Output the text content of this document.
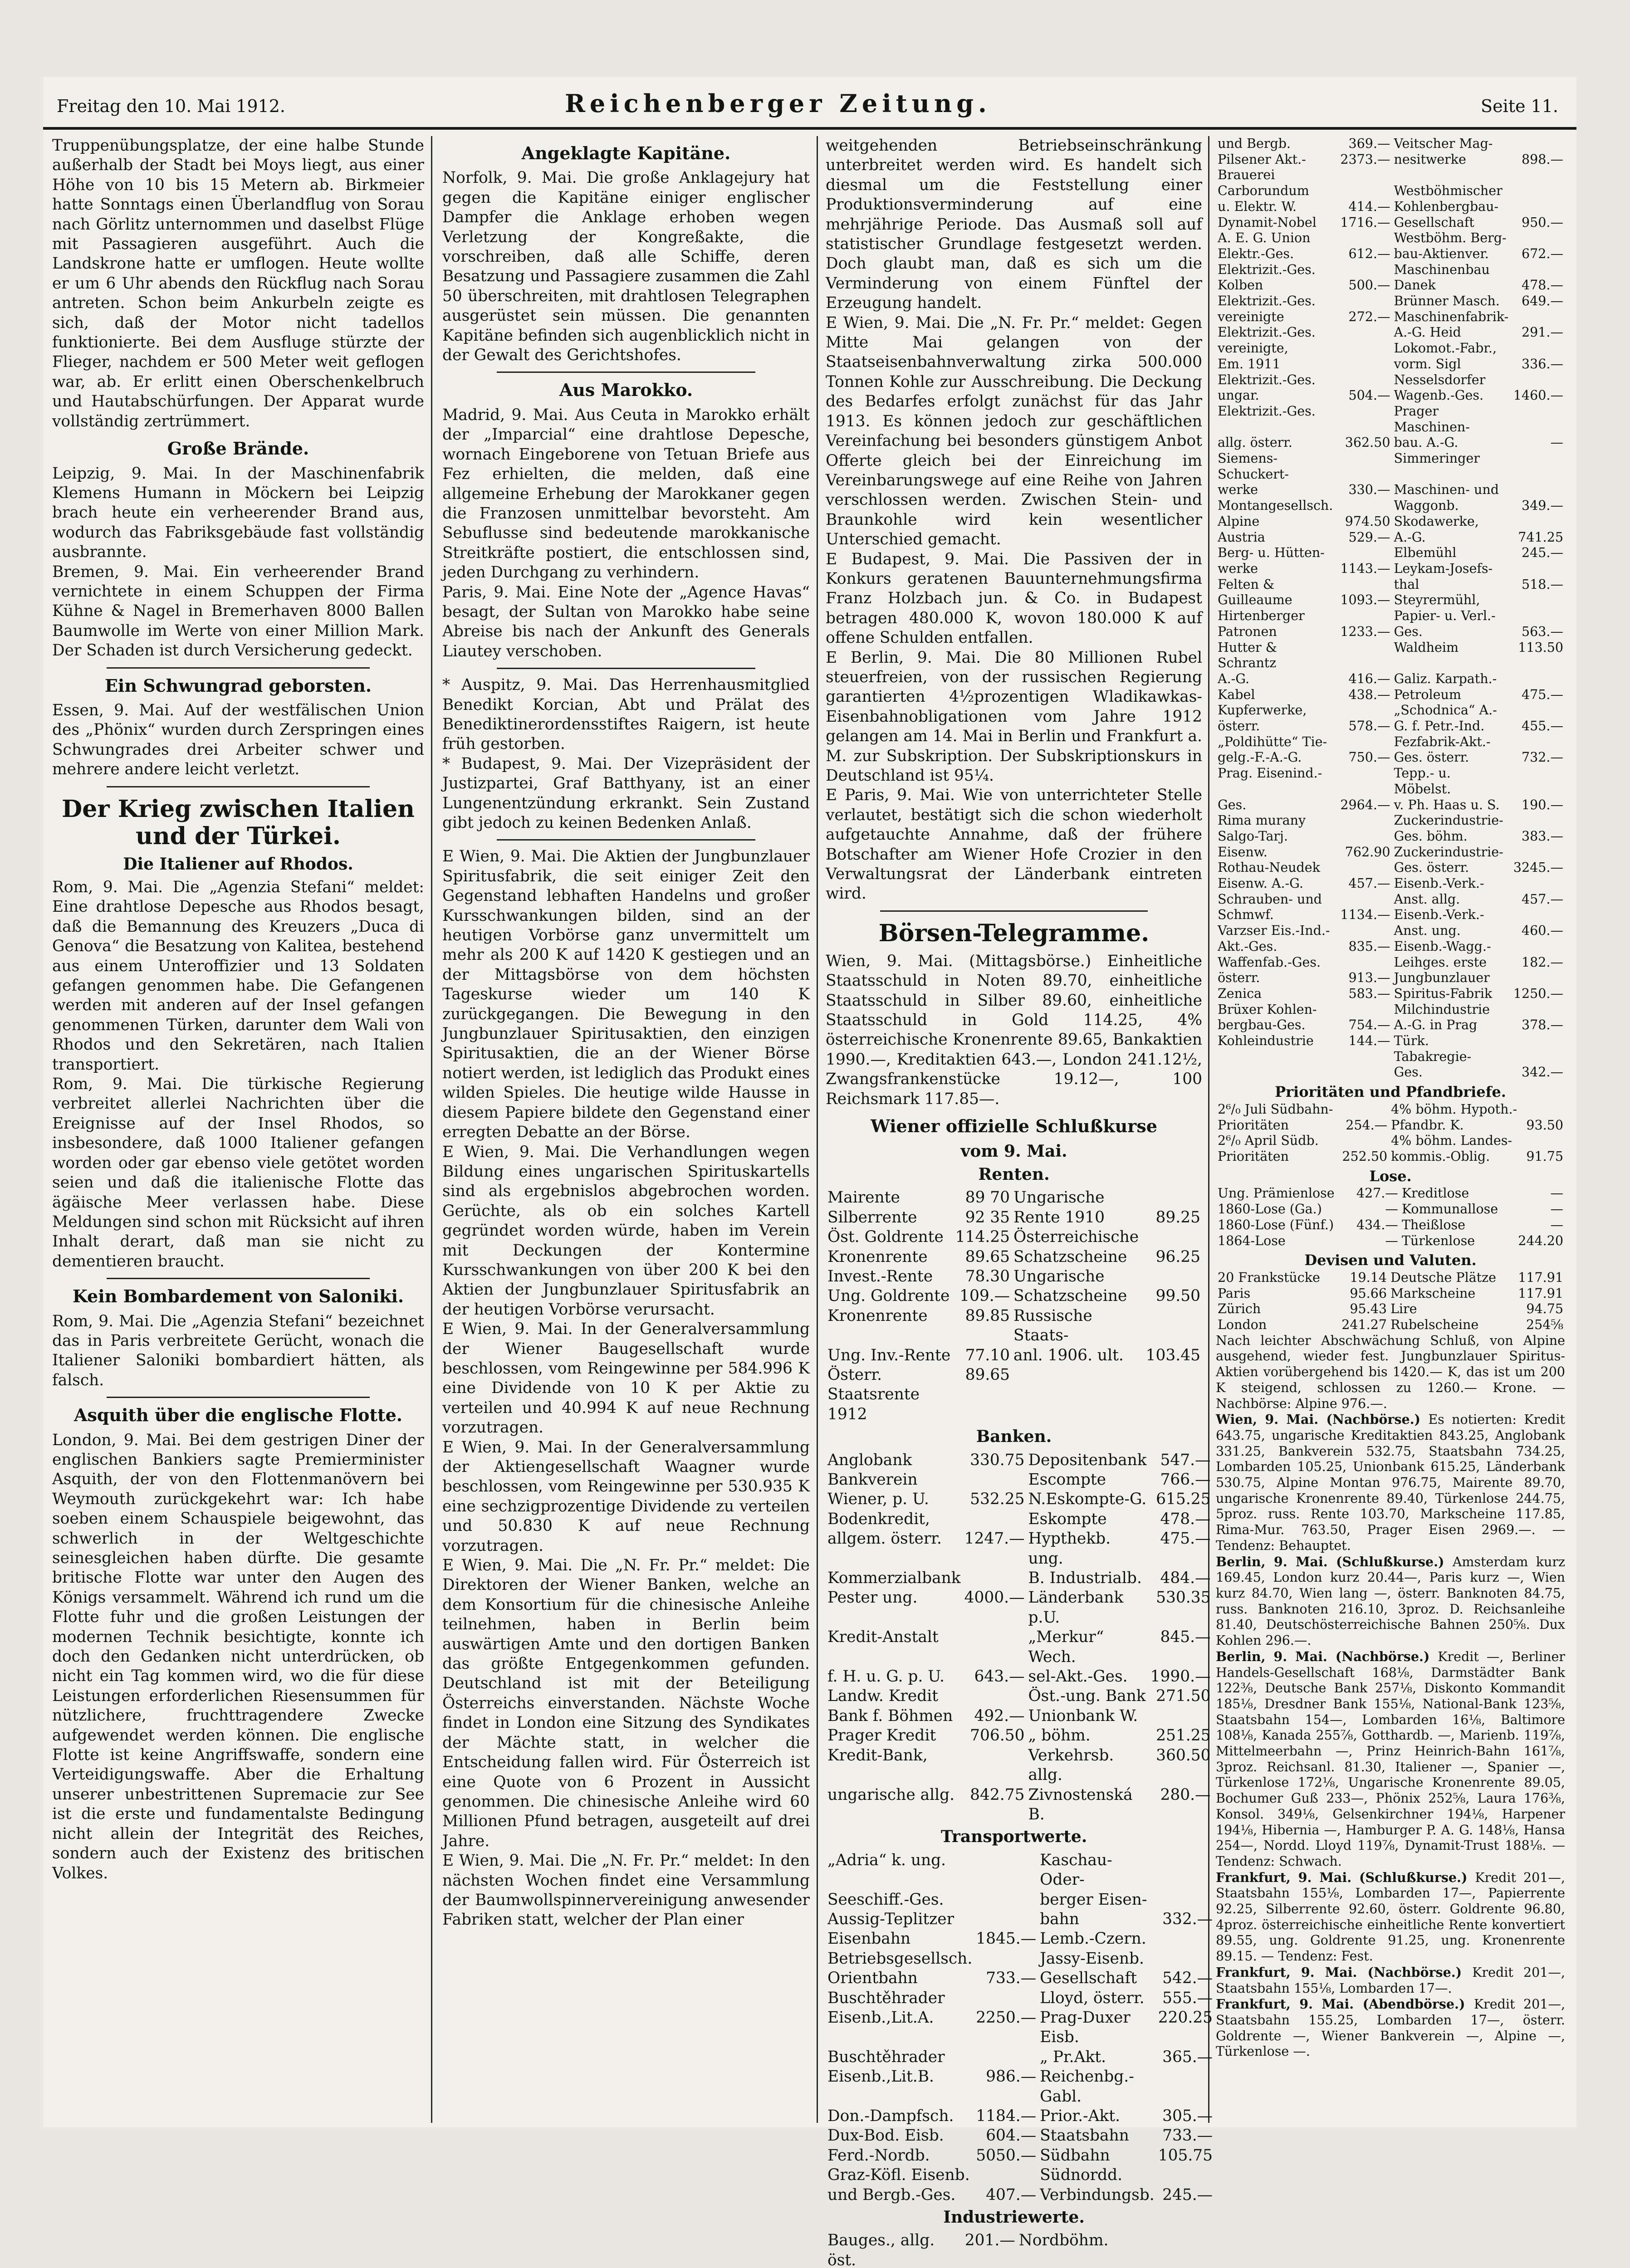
Freitag den 10. Mai 1912.	Reichenberger Zeitung.	Seite 11.
Truppenübungsplatze, der eine halbe Stunde außerhalb der Stadt bei Moys liegt, aus einer Höhe von 10 bis 15 Metern ab. Birkmeier hatte Sonntags einen Überlandflug von Sorau nach Görlitz unternommen und daselbst Flüge mit Passagieren ausgeführt. Auch die Landskrone hatte er umflogen. Heute wollte er um 6 Uhr abends den Rückflug nach Sorau antreten. Schon beim Ankurbeln zeigte es sich, daß der Motor nicht tadellos funktionierte. Bei dem Ausfluge stürzte der Flieger, nachdem er 500 Meter weit geflogen war, ab. Er erlitt einen Oberschenkelbruch und Hautabschürfungen. Der Apparat wurde vollständig zertrümmert.
Große Brände.
Leipzig, 9. Mai. In der Maschinenfabrik Klemens Humann in Möckern bei Leipzig brach heute ein verheerender Brand aus, wodurch das Fabriksgebäude fast vollständig ausbrannte.
Bremen, 9. Mai. Ein verheerender Brand vernichtete in einem Schuppen der Firma Kühne & Nagel in Bremerhaven 8000 Ballen Baumwolle im Werte von einer Million Mark. Der Schaden ist durch Versicherung gedeckt.
Ein Schwungrad geborsten.
Essen, 9. Mai. Auf der westfälischen Union des „Phönix“ wurden durch Zerspringen eines Schwungrades drei Arbeiter schwer und mehrere andere leicht verletzt.
Der Krieg zwischen Italien und der Türkei.
Die Italiener auf Rhodos.
Rom, 9. Mai. Die „Agenzia Stefani“ meldet: Eine drahtlose Depesche aus Rhodos besagt, daß die Bemannung des Kreuzers „Duca di Genova“ die Besatzung von Kalitea, bestehend aus einem Unteroffizier und 13 Soldaten gefangen genommen habe. Die Gefangenen werden mit anderen auf der Insel gefangen genommenen Türken, darunter dem Wali von Rhodos und den Sekretären, nach Italien transportiert.
Rom, 9. Mai. Die türkische Regierung verbreitet allerlei Nachrichten über die Ereignisse auf der Insel Rhodos, so insbesondere, daß 1000 Italiener gefangen worden oder gar ebenso viele getötet worden seien und daß die italienische Flotte das ägäische Meer verlassen habe. Diese Meldungen sind schon mit Rücksicht auf ihren Inhalt derart, daß man sie nicht zu dementieren braucht.
Kein Bombardement von Saloniki.
Rom, 9. Mai. Die „Agenzia Stefani“ bezeichnet das in Paris verbreitete Gerücht, wonach die Italiener Saloniki bombardiert hätten, als falsch.
Asquith über die englische Flotte.
London, 9. Mai. Bei dem gestrigen Diner der englischen Bankiers sagte Premierminister Asquith, der von den Flottenmanövern bei Weymouth zurückgekehrt war: Ich habe soeben einem Schauspiele beigewohnt, das schwerlich in der Weltgeschichte seinesgleichen haben dürfte. Die gesamte britische Flotte war unter den Augen des Königs versammelt. Während ich rund um die Flotte fuhr und die großen Leistungen der modernen Technik besichtigte, konnte ich doch den Gedanken nicht unterdrücken, ob nicht ein Tag kommen wird, wo die für diese Leistungen erforderlichen Riesensummen für nützlichere, fruchttragendere Zwecke aufgewendet werden können. Die englische Flotte ist keine Angriffswaffe, sondern eine Verteidigungswaffe. Aber die Erhaltung unserer unbestrittenen Supremacie zur See ist die erste und fundamentalste Bedingung nicht allein der Integrität des Reiches, sondern auch der Existenz des britischen Volkes.
Angeklagte Kapitäne.
Norfolk, 9. Mai. Die große Anklagejury hat gegen die Kapitäne einiger englischer Dampfer die Anklage erhoben wegen Verletzung der Kongreßakte, die vorschreiben, daß alle Schiffe, deren Besatzung und Passagiere zusammen die Zahl 50 überschreiten, mit drahtlosen Telegraphen ausgerüstet sein müssen. Die genannten Kapitäne befinden sich augenblicklich nicht in der Gewalt des Gerichtshofes.
Aus Marokko.
Madrid, 9. Mai. Aus Ceuta in Marokko erhält der „Imparcial“ eine drahtlose Depesche, wornach Eingeborene von Tetuan Briefe aus Fez erhielten, die melden, daß eine allgemeine Erhebung der Marokkaner gegen die Franzosen unmittelbar bevorsteht. Am Sebuflusse sind bedeutende marokkanische Streitkräfte postiert, die entschlossen sind, jeden Durchgang zu verhindern.
Paris, 9. Mai. Eine Note der „Agence Havas“ besagt, der Sultan von Marokko habe seine Abreise bis nach der Ankunft des Generals Liautey verschoben.
* Auspitz, 9. Mai. Das Herrenhausmitglied Benedikt Korcian, Abt und Prälat des Benediktinerordensstiftes Raigern, ist heute früh gestorben.
* Budapest, 9. Mai. Der Vizepräsident der Justizpartei, Graf Batthyany, ist an einer Lungenentzündung erkrankt. Sein Zustand gibt jedoch zu keinen Bedenken Anlaß.
E Wien, 9. Mai. Die Aktien der Jungbunzlauer Spiritusfabrik, die seit einiger Zeit den Gegenstand lebhaften Handelns und großer Kursschwankungen bilden, sind an der heutigen Vorbörse ganz unvermittelt um mehr als 200 K auf 1420 K gestiegen und an der Mittagsbörse von dem höchsten Tageskurse wieder um 140 K zurückgegangen. Die Bewegung in den Jungbunzlauer Spiritusaktien, den einzigen Spiritusaktien, die an der Wiener Börse notiert werden, ist lediglich das Produkt eines wilden Spieles. Die heutige wilde Hausse in diesem Papiere bildete den Gegenstand einer erregten Debatte an der Börse.
E Wien, 9. Mai. Die Verhandlungen wegen Bildung eines ungarischen Spirituskartells sind als ergebnislos abgebrochen worden. Gerüchte, als ob ein solches Kartell gegründet worden würde, haben im Verein mit Deckungen der Kontermine Kursschwankungen von über 200 K bei den Aktien der Jungbunzlauer Spiritusfabrik an der heutigen Vorbörse verursacht.
E Wien, 9. Mai. In der Generalversammlung der Wiener Baugesellschaft wurde beschlossen, vom Reingewinne per 584.996 K eine Dividende von 10 K per Aktie zu verteilen und 40.994 K auf neue Rechnung vorzutragen.
E Wien, 9. Mai. In der Generalversammlung der Aktiengesellschaft Waagner wurde beschlossen, vom Reingewinne per 530.935 K eine sechzigprozentige Dividende zu verteilen und 50.830 K auf neue Rechnung vorzutragen.
E Wien, 9. Mai. Die „N. Fr. Pr.“ meldet: Die Direktoren der Wiener Banken, welche an dem Konsortium für die chinesische Anleihe teilnehmen, haben in Berlin beim auswärtigen Amte und den dortigen Banken das größte Entgegenkommen gefunden. Deutschland ist mit der Beteiligung Österreichs einverstanden. Nächste Woche findet in London eine Sitzung des Syndikates der Mächte statt, in welcher die Entscheidung fallen wird. Für Österreich ist eine Quote von 6 Prozent in Aussicht genommen. Die chinesische Anleihe wird 60 Millionen Pfund betragen, ausgeteilt auf drei Jahre.
E Wien, 9. Mai. Die „N. Fr. Pr.“ meldet: In den nächsten Wochen findet eine Versammlung der Baumwollspinnervereinigung anwesender Fabriken statt, welcher der Plan einer
weitgehenden Betriebseinschränkung unterbreitet werden wird. Es handelt sich diesmal um die Feststellung einer Produktionsverminderung auf eine mehrjährige Periode. Das Ausmaß soll auf statistischer Grundlage festgesetzt werden. Doch glaubt man, daß es sich um die Verminderung von einem Fünftel der Erzeugung handelt.
E Wien, 9. Mai. Die „N. Fr. Pr.“ meldet: Gegen Mitte Mai gelangen von der Staatseisenbahnverwaltung zirka 500.000 Tonnen Kohle zur Ausschreibung. Die Deckung des Bedarfes erfolgt zunächst für das Jahr 1913. Es können jedoch zur geschäftlichen Vereinfachung bei besonders günstigem Anbot Offerte gleich bei der Einreichung im Vereinbarungswege auf eine Reihe von Jahren verschlossen werden. Zwischen Stein- und Braunkohle wird kein wesentlicher Unterschied gemacht.
E Budapest, 9. Mai. Die Passiven der in Konkurs geratenen Bauunternehmungsfirma Franz Holzbach jun. & Co. in Budapest betragen 480.000 K, wovon 180.000 K auf offene Schulden entfallen.
E Berlin, 9. Mai. Die 80 Millionen Rubel steuerfreien, von der russischen Regierung garantierten 4½prozentigen Wladikawkas-Eisenbahnobligationen vom Jahre 1912 gelangen am 14. Mai in Berlin und Frankfurt a. M. zur Subskription. Der Subskriptionskurs in Deutschland ist 95¼.
E Paris, 9. Mai. Wie von unterrichteter Stelle verlautet, bestätigt sich die schon wiederholt aufgetauchte Annahme, daß der frühere Botschafter am Wiener Hofe Crozier in den Verwaltungsrat der Länderbank eintreten wird.
Börsen-Telegramme.
Wien, 9. Mai. (Mittagsbörse.) Einheitliche Staatsschuld in Noten 89.70, einheitliche Staatsschuld in Silber 89.60, einheitliche Staatsschuld in Gold 114.25, 4% österreichische Kronenrente 89.65, Bankaktien 1990.—, Kreditaktien 643.—, London 241.12½, Zwangsfrankenstücke 19.12—, 100 Reichsmark 117.85—.
Wiener offizielle Schlußkurse
vom 9. Mai.
Renten.
Mairente	89 70	Ungarische	
Silberrente	92 35	Rente 1910	89.25
Öst. Goldrente	114.25	Österreichische	
Kronenrente	89.65	Schatzscheine	96.25
Invest.-Rente	78.30	Ungarische	
Ung. Goldrente	109.—	Schatzscheine	99.50
Kronenrente	89.85	Russische Staats-	
Ung. Inv.-Rente	77.10	anl. 1906. ult.	103.45
Österr. Staatsrente 1912	89.65		
Banken.
Anglobank	330.75	Depositenbank	547.—	
Bankverein		Escompte	766.—	
Wiener, p. U.	532.25	N.Eskompte-G.	615.25	
Bodenkredit,		Eskompte	478.—	
allgem. österr.	1247.—	Hypthekb. ung.	475.—	
Kommerzialbank		B. Industrialb.	484.—	
Pester ung.	4000.—	Länderbank p.U.	530.35	
Kredit-Anstalt		„Merkur“ Wech.	845.—	
f. H. u. G. p. U.	643.—	sel-Akt.-Ges.	1990.—	
Landw. Kredit		Öst.-ung. Bank	271.50	
Bank f. Böhmen	492.—	Unionbank W.		
Prager Kredit	706.50	„ böhm.	251.25	
Kredit-Bank,		Verkehrsb. allg.	360.50	
ungarische allg.	842.75	Zivnostenská B.	280.—	
Transportwerte.
„Adria“ k. ung.		Kaschau-Oder-	
Seeschiff.-Ges.		berger Eisen-	
Aussig-Teplitzer		bahn	332.—
Eisenbahn	1845.—	Lemb.-Czern.	
Betriebsgesellsch.		Jassy-Eisenb.	
Orientbahn	733.—	Gesellschaft	542.—
Buschtěhrader		Lloyd, österr.	555.—
Eisenb.,Lit.A.	2250.—	Prag-Duxer Eisb.	220.25
Buschtěhrader		„ Pr.Akt.	365.—
Eisenb.,Lit.B.	986.—	Reichenbg.-Gabl.	
Don.-Dampfsch.	1184.—	Prior.-Akt.	305.—
Dux-Bod. Eisb.	604.—	Staatsbahn	733.—
Ferd.-Nordb.	5050.—	Südbahn	105.75
Graz-Köfl. Eisenb.		Südnordd.	
und Bergb.-Ges.	407.—	Verbindungsb.	245.—
Industriewerte.
Bauges., allg. öst.	201.—	Nordböhm.	

und Bergb.	369.—	Veitscher Mag-	
Pilsener Akt.-Brauerei	2373.—	nesitwerke	898.—
Carborundum		Westböhmischer	
u. Elektr. W.	414.—	Kohlenbergbau-	
Dynamit-Nobel	1716.—	Gesellschaft	950.—
A. E. G. Union		Westböhm. Berg-	
Elektr.-Ges.	612.—	bau-Aktienver.	672.—
Elektrizit.-Ges.		Maschinenbau	
Kolben	500.—	Danek	478.—
Elektrizit.-Ges.		Brünner Masch.	649.—
vereinigte	272.—	Maschinenfabrik-	
Elektrizit.-Ges.		A.-G. Heid	291.—
vereinigte,		Lokomot.-Fabr.,	
Em. 1911		vorm. Sigl	336.—
Elektrizit.-Ges.		Nesselsdorfer	
ungar.	504.—	Wagenb.-Ges.	1460.—
Elektrizit.-Ges.		Prager Maschinen-	
allg. österr.	362.50	bau. A.-G.	—
Siemens-Schuckert-		Simmeringer	
werke	330.—	Maschinen- und	
Montangesellsch.		Waggonb.	349.—
Alpine	974.50	Skodawerke,	
Austria	529.—	A.-G.	741.25
Berg- u. Hütten-		Elbemühl	245.—
werke	1143.—	Leykam-Josefs-	
Felten &		thal	518.—
Guilleaume	1093.—	Steyrermühl,	
Hirtenberger		Papier- u. Verl.-	
Patronen	1233.—	Ges.	563.—
Hutter & Schrantz		Waldheim	113.50
A.-G.	416.—	Galiz. Karpath.-	
Kabel	438.—	Petroleum	475.—
Kupferwerke,		„Schodnica“ A.-	
österr.	578.—	G. f. Petr.-Ind.	455.—
„Poldihütte“ Tie-		Fezfabrik-Akt.-	
gelg.-F.-A.-G.	750.—	Ges. österr.	732.—
Prag. Eisenind.-		Tepp.- u. Möbelst.	
Ges.	2964.—	v. Ph. Haas u. S.	190.—
Rima murany		Zuckerindustrie-	
Salgo-Tarj.		Ges. böhm.	383.—
Eisenw.	762.90	Zuckerindustrie-	
Rothau-Neudek		Ges. österr.	3245.—
Eisenw. A.-G.	457.—	Eisenb.-Verk.-	
Schrauben- und		Anst. allg.	457.—
Schmwf.	1134.—	Eisenb.-Verk.-	
Varzser Eis.-Ind.-		Anst. ung.	460.—
Akt.-Ges.	835.—	Eisenb.-Wagg.-	
Waffenfab.-Ges.		Leihges. erste	182.—
österr.	913.—	Jungbunzlauer	
Zenica	583.—	Spiritus-Fabrik	1250.—
Brüxer Kohlen-		Milchindustrie	
bergbau-Ges.	754.—	A.-G. in Prag	378.—
Kohleindustrie	144.—	Türk. Tabakregie-	
		Ges.	342.—
Prioritäten und Pfandbriefe.
2⁶/₀ Juli Südbahn-		4% böhm. Hypoth.-	
Prioritäten	254.—	Pfandbr. K.	93.50
2⁶/₀ April Südb.		4% böhm. Landes-	
Prioritäten	252.50	kommis.-Oblig.	91.75
Lose.
Ung. Prämienlose	427.—	Kreditlose	—
1860-Lose (Ga.)	—	Kommunallose	—
1860-Lose (Fünf.)	434.—	Theißlose	—
1864-Lose	—	Türkenlose	244.20
Devisen und Valuten.
20 Frankstücke	19.14	Deutsche Plätze	117.91
Paris	95.66	Markscheine	117.91
Zürich	95.43	Lire	94.75
London	241.27	Rubelscheine	254⅝

Nach leichter Abschwächung Schluß, von Alpine ausgehend, wieder fest. Jungbunzlauer Spiritus-Aktien vorübergehend bis 1420.— K, das ist um 200 K steigend, schlossen zu 1260.— Krone. — Nachbörse: Alpine 976.—.

Wien, 9. Mai. (Nachbörse.) Es notierten: Kredit 643.75, ungarische Kreditaktien 843.25, Anglobank 331.25, Bankverein 532.75, Staatsbahn 734.25, Lombarden 105.25, Unionbank 615.25, Länderbank 530.75, Alpine Montan 976.75, Mairente 89.70, ungarische Kronenrente 89.40, Türkenlose 244.75, 5proz. russ. Rente 103.70, Markscheine 117.85, Rima-Mur. 763.50, Prager Eisen 2969.—. — Tendenz: Behauptet.

Berlin, 9. Mai. (Schlußkurse.) Amsterdam kurz 169.45, London kurz 20.44—, Paris kurz —, Wien kurz 84.70, Wien lang —, österr. Banknoten 84.75, russ. Banknoten 216.10, 3proz. D. Reichsanleihe 81.40, Deutschösterreichische Bahnen 250⅝. Dux Kohlen 296.—.

Berlin, 9. Mai. (Nachbörse.) Kredit —, Berliner Handels-Gesellschaft 168⅛, Darmstädter Bank 122⅜, Deutsche Bank 257⅛, Diskonto Kommandit 185⅛, Dresdner Bank 155⅛, National-Bank 123⅝, Staatsbahn 154—, Lombarden 16⅛, Baltimore 108⅛, Kanada 255⅞, Gotthardb. —, Marienb. 119⅞, Mittelmeerbahn —, Prinz Heinrich-Bahn 161⅞, 3proz. Reichsanl. 81.30, Italiener —, Spanier —, Türkenlose 172⅛, Ungarische Kronenrente 89.05, Bochumer Guß 233—, Phönix 252⅝, Laura 176⅜, Konsol. 349⅛, Gelsenkirchner 194⅛, Harpener 194⅛, Hibernia —, Hamburger P. A. G. 148⅛, Hansa 254—, Nordd. Lloyd 119⅞, Dynamit-Trust 188⅛. — Tendenz: Schwach.

Frankfurt, 9. Mai. (Schlußkurse.) Kredit 201—, Staatsbahn 155⅛, Lombarden 17—, Papierrente 92.25, Silberrente 92.60, österr. Goldrente 96.80, 4proz. österreichische einheitliche Rente konvertiert 89.55, ung. Goldrente 91.25, ung. Kronenrente 89.15. — Tendenz: Fest.

Frankfurt, 9. Mai. (Nachbörse.) Kredit 201—, Staatsbahn 155⅛, Lombarden 17—.

Frankfurt, 9. Mai. (Abendbörse.) Kredit 201—, Staatsbahn 155.25, Lombarden 17—, österr. Goldrente —, Wiener Bankverein —, Alpine —, Türkenlose —.
